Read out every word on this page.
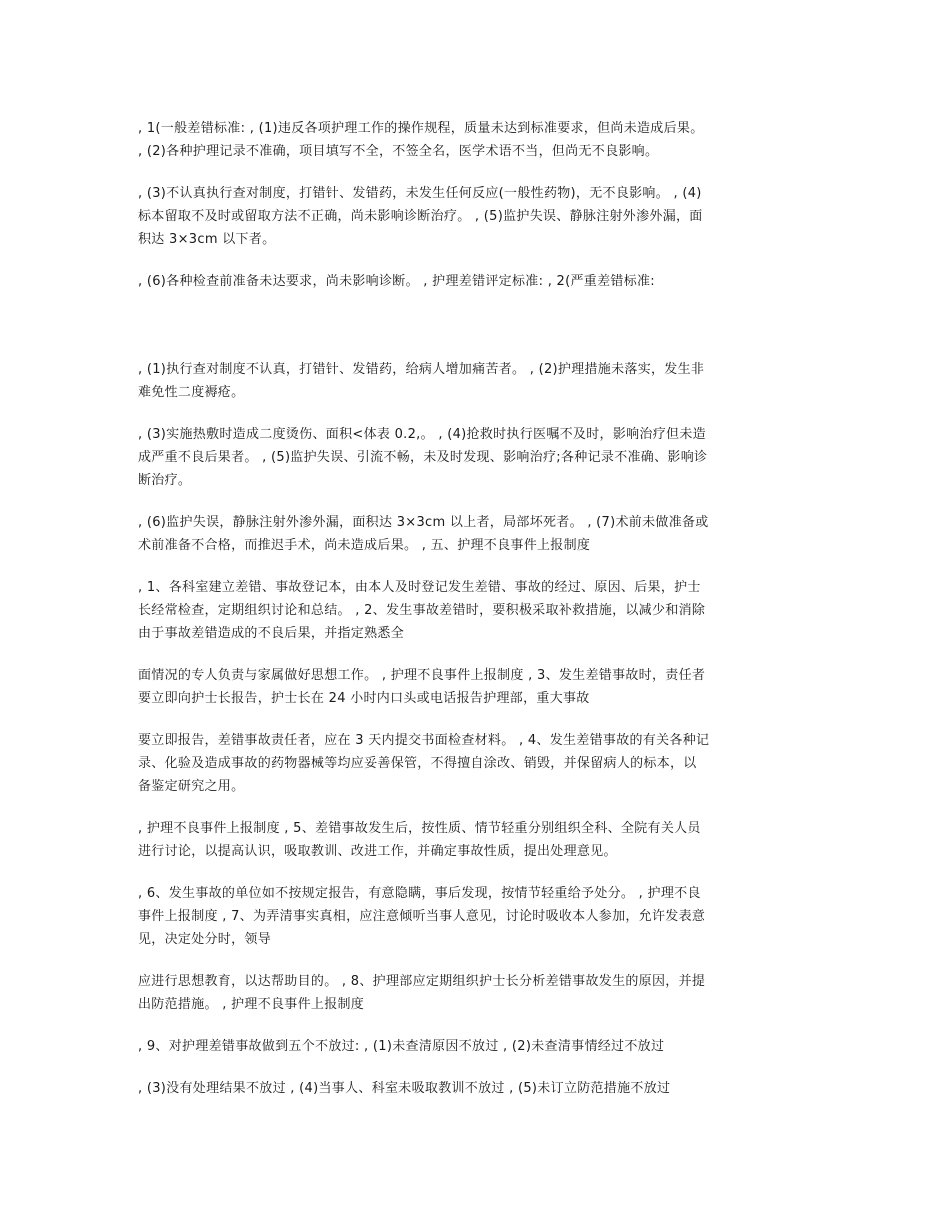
, 1(一般差错标准: , (1)违反各项护理工作的操作规程，质量未达到标准要求，但尚未造成后果。
, (2)各种护理记录不准确，项目填写不全，不签全名，医学术语不当，但尚无不良影响。

, (3)不认真执行查对制度，打错针、发错药，未发生任何反应(一般性药物)，无不良影响。 , (4)
标本留取不及时或留取方法不正确，尚未影响诊断治疗。 , (5)监护失误、静脉注射外渗外漏，面
积达 3×3cm 以下者。

, (6)各种检查前准备未达要求，尚未影响诊断。 , 护理差错评定标准: , 2(严重差错标准:

, (1)执行查对制度不认真，打错针、发错药，给病人增加痛苦者。 , (2)护理措施未落实，发生非
难免性二度褥疮。

, (3)实施热敷时造成二度烫伤、面积<体表 0.2,。 , (4)抢救时执行医嘱不及时，影响治疗但未造
成严重不良后果者。 , (5)监护失误、引流不畅，未及时发现、影响治疗;各种记录不准确、影响诊
断治疗。

, (6)监护失误，静脉注射外渗外漏，面积达 3×3cm 以上者，局部坏死者。 , (7)术前未做准备或
术前准备不合格，而推迟手术，尚未造成后果。 , 五、护理不良事件上报制度

, 1、各科室建立差错、事故登记本，由本人及时登记发生差错、事故的经过、原因、后果，护士
长经常检查，定期组织讨论和总结。 , 2、发生事故差错时，要积极采取补救措施，以减少和消除
由于事故差错造成的不良后果，并指定熟悉全

面情况的专人负责与家属做好思想工作。 , 护理不良事件上报制度 , 3、发生差错事故时，责任者
要立即向护士长报告，护士长在 24 小时内口头或电话报告护理部，重大事故

要立即报告，差错事故责任者，应在 3 天内提交书面检查材料。 , 4、发生差错事故的有关各种记
录、化验及造成事故的药物器械等均应妥善保管，不得擅自涂改、销毁，并保留病人的标本，以
备鉴定研究之用。

, 护理不良事件上报制度 , 5、差错事故发生后，按性质、情节轻重分别组织全科、全院有关人员
进行讨论，以提高认识，吸取教训、改进工作，并确定事故性质，提出处理意见。

, 6、发生事故的单位如不按规定报告，有意隐瞒，事后发现，按情节轻重给予处分。 , 护理不良
事件上报制度 , 7、为弄清事实真相，应注意倾听当事人意见，讨论时吸收本人参加，允许发表意
见，决定处分时，领导

应进行思想教育，以达帮助目的。 , 8、护理部应定期组织护士长分析差错事故发生的原因，并提
出防范措施。 , 护理不良事件上报制度

, 9、对护理差错事故做到五个不放过: , (1)未查清原因不放过 , (2)未查清事情经过不放过

, (3)没有处理结果不放过 , (4)当事人、科室未吸取教训不放过 , (5)未订立防范措施不放过
